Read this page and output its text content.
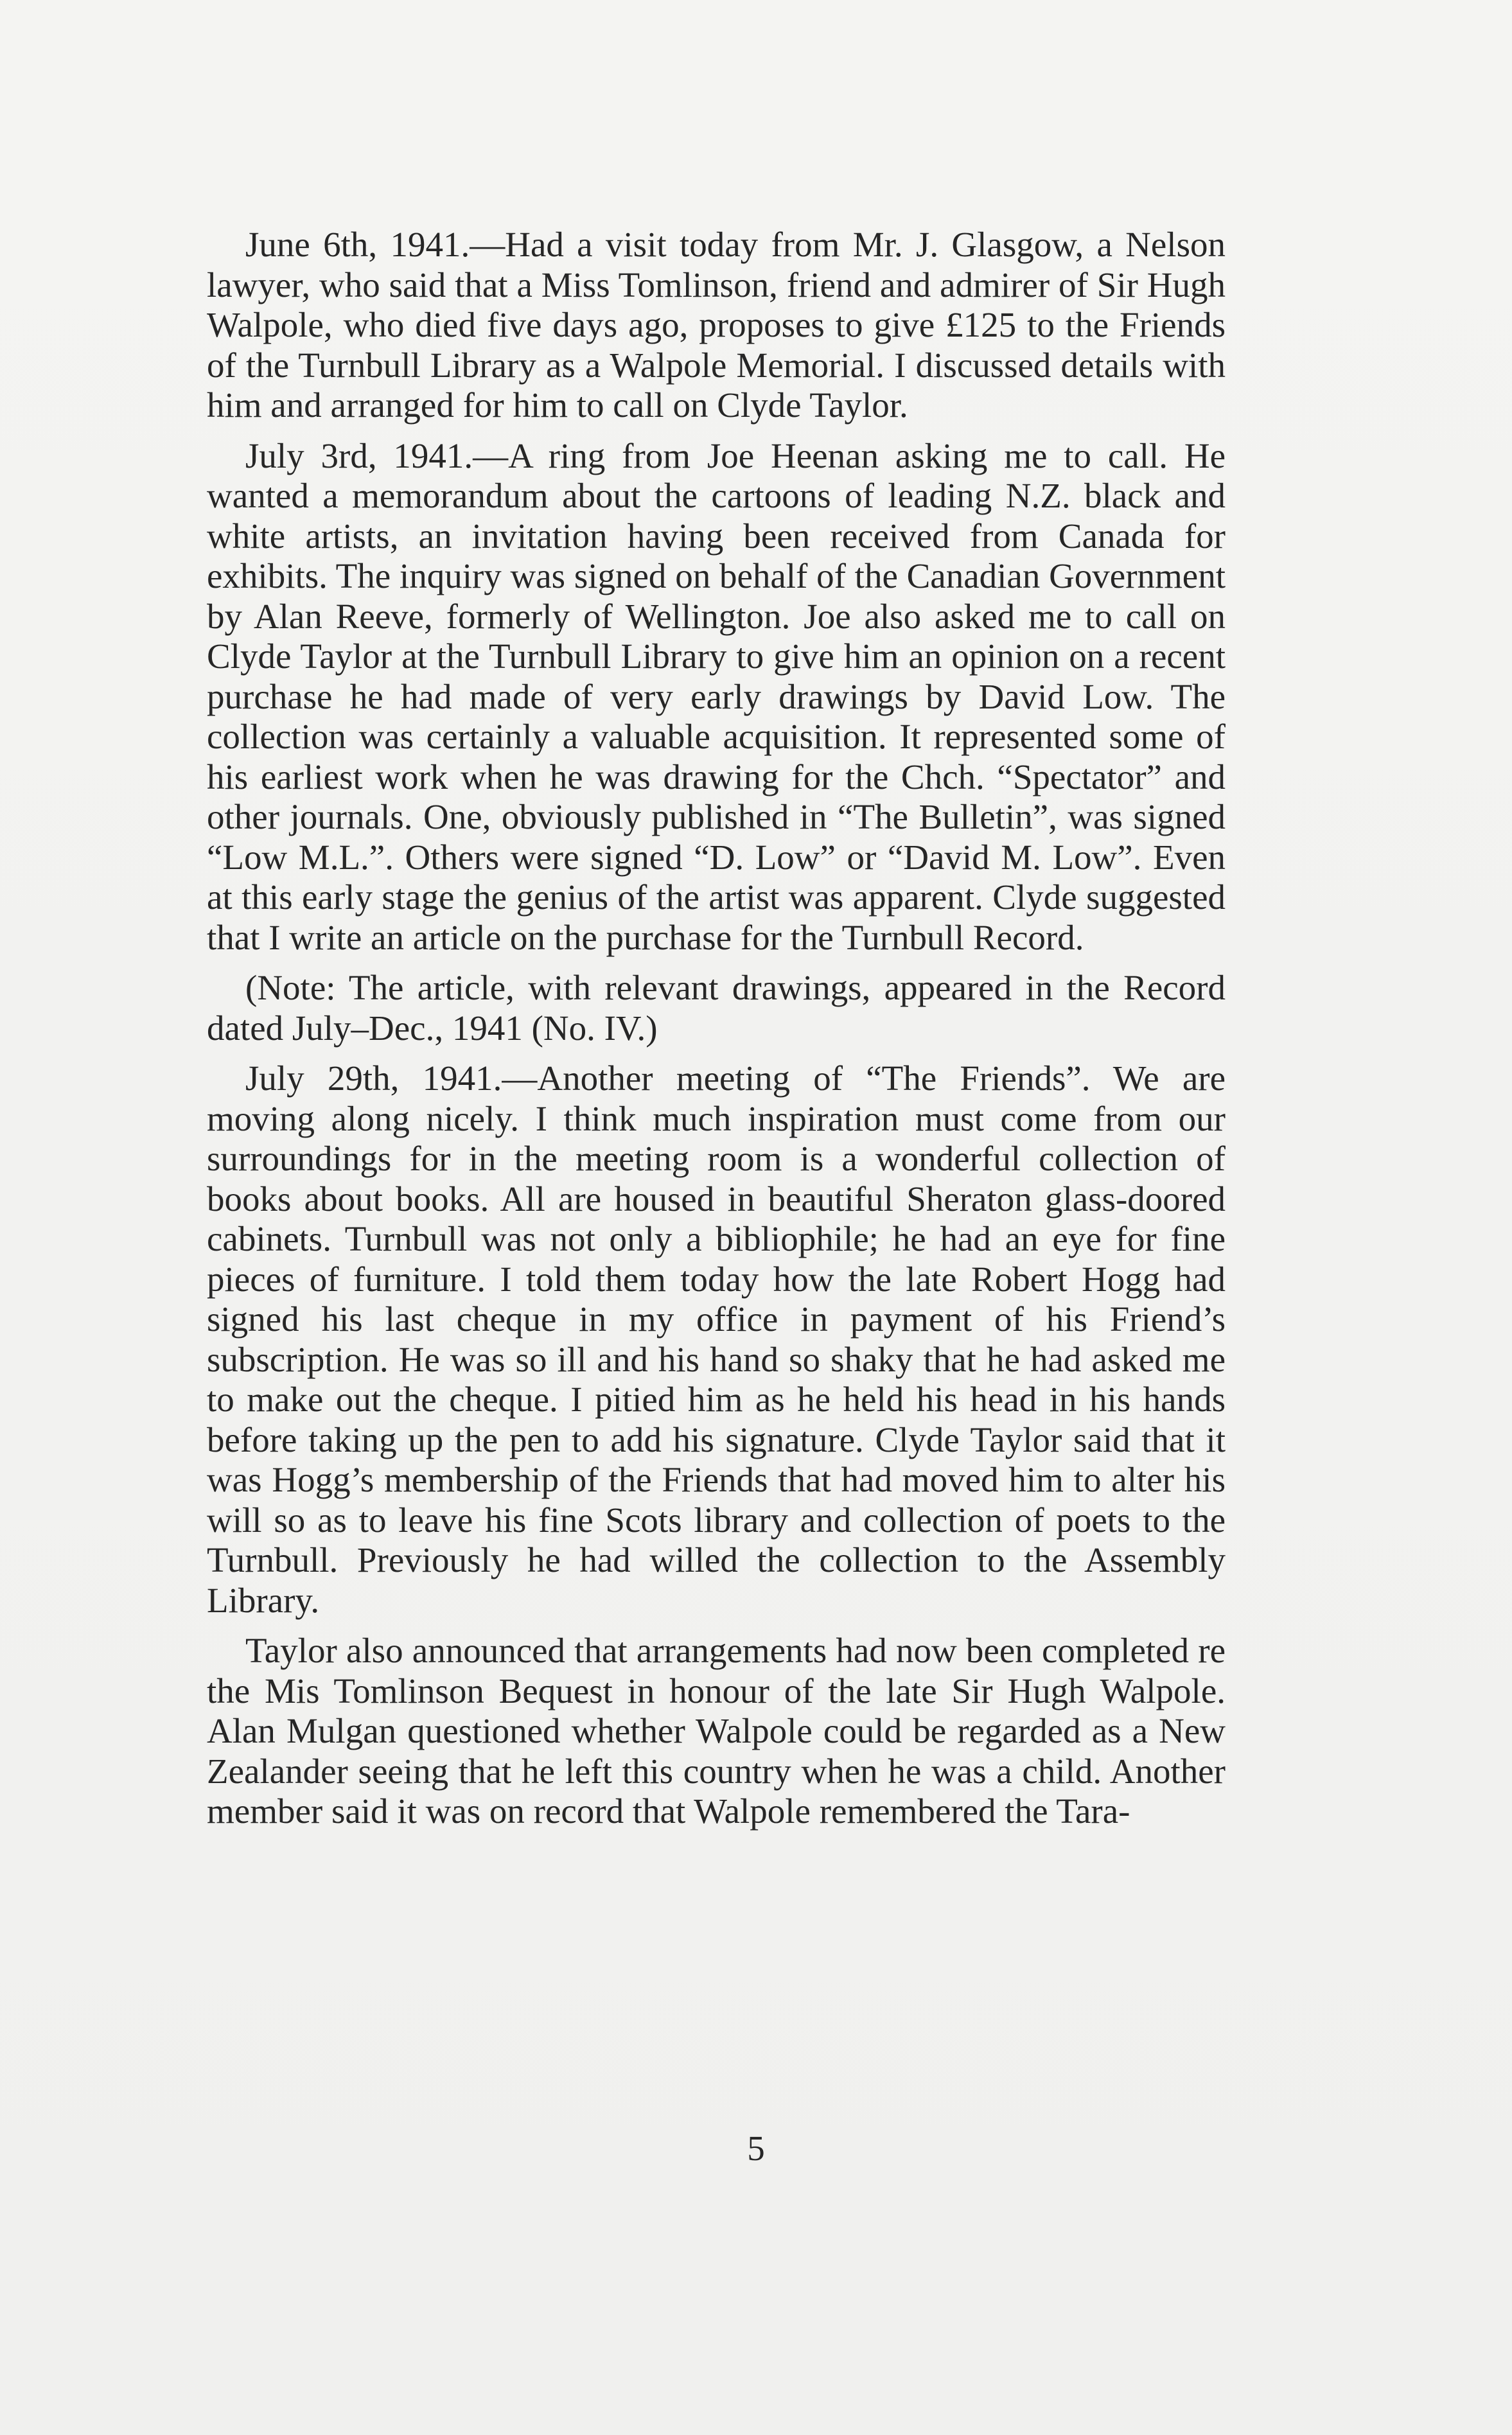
June 6th, 1941.—Had a visit today from Mr. J. Glasgow, a Nelson lawyer, who said that a Miss Tomlinson, friend and admirer of Sir Hugh Walpole, who died five days ago, proposes to give £125 to the Friends of the Turnbull Library as a Walpole Memorial. I discussed details with him and arranged for him to call on Clyde Taylor.

July 3rd, 1941.—A ring from Joe Heenan asking me to call. He wanted a memorandum about the cartoons of leading N.Z. black and white artists, an invitation having been received from Canada for exhibits. The inquiry was signed on behalf of the Canadian Government by Alan Reeve, formerly of Wellington. Joe also asked me to call on Clyde Taylor at the Turnbull Library to give him an opinion on a recent purchase he had made of very early drawings by David Low. The collection was certainly a valuable acquisition. It represented some of his earliest work when he was drawing for the Chch. “Spectator” and other journals. One, obviously published in “The Bulletin”, was signed “Low M.L.”. Others were signed “D. Low” or “David M. Low”. Even at this early stage the genius of the artist was apparent. Clyde suggested that I write an article on the purchase for the Turnbull Record.

(Note: The article, with relevant drawings, appeared in the Record dated July–Dec., 1941 (No. IV.)

July 29th, 1941.—Another meeting of “The Friends”. We are moving along nicely. I think much inspiration must come from our surroundings for in the meeting room is a wonderful collection of books about books. All are housed in beautiful Sheraton glass-doored cabinets. Turnbull was not only a bibliophile; he had an eye for fine pieces of furniture. I told them today how the late Robert Hogg had signed his last cheque in my office in payment of his Friend’s subscription. He was so ill and his hand so shaky that he had asked me to make out the cheque. I pitied him as he held his head in his hands before taking up the pen to add his signature. Clyde Taylor said that it was Hogg’s membership of the Friends that had moved him to alter his will so as to leave his fine Scots library and collection of poets to the Turnbull. Previously he had willed the collection to the Assembly Library.

Taylor also announced that arrangements had now been completed re the Mis Tomlinson Bequest in honour of the late Sir Hugh Walpole. Alan Mulgan questioned whether Walpole could be regarded as a New Zealander seeing that he left this country when he was a child. Another member said it was on record that Walpole remembered the Tara-

5
